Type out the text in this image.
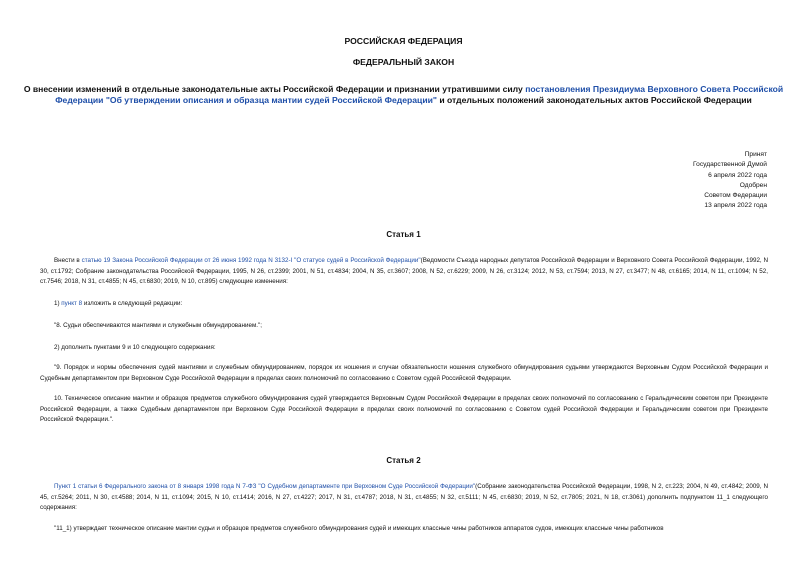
РОССИЙСКАЯ ФЕДЕРАЦИЯ
ФЕДЕРАЛЬНЫЙ ЗАКОН
О внесении изменений в отдельные законодательные акты Российской Федерации и признании утратившими силу постановления Президиума Верховного Совета Российской Федерации "Об утверждении описания и образца мантии судей Российской Федерации" и отдельных положений законодательных актов Российской Федерации
Принят
Государственной Думой
6 апреля 2022 года
Одобрен
Советом Федерации
13 апреля 2022 года
Статья 1
Внести в статью 19 Закона Российской Федерации от 26 июня 1992 года N 3132-I "О статусе судей в Российской Федерации"(Ведомости Съезда народных депутатов Российской Федерации и Верховного Совета Российской Федерации, 1992, N 30, ст.1792; Собрание законодательства Российской Федерации, 1995, N 26, ст.2399; 2001, N 51, ст.4834; 2004, N 35, ст.3607; 2008, N 52, ст.6229; 2009, N 26, ст.3124; 2012, N 53, ст.7594; 2013, N 27, ст.3477; N 48, ст.6165; 2014, N 11, ст.1094; N 52, ст.7546; 2018, N 31, ст.4855; N 45, ст.6830; 2019, N 10, ст.895) следующие изменения:
1) пункт 8 изложить в следующей редакции:
"8. Судьи обеспечиваются мантиями и служебным обмундированием.";
2) дополнить пунктами 9 и 10 следующего содержания:
"9. Порядок и нормы обеспечения судей мантиями и служебным обмундированием, порядок их ношения и случаи обязательности ношения служебного обмундирования судьями утверждаются Верховным Судом Российской Федерации и Судебным департаментом при Верховном Суде Российской Федерации в пределах своих полномочий по согласованию с Советом судей Российской Федерации.
10. Техническое описание мантии и образцов предметов служебного обмундирования судей утверждается Верховным Судом Российской Федерации в пределах своих полномочий по согласованию с Геральдическим советом при Президенте Российской Федерации, а также Судебным департаментом при Верховном Суде Российской Федерации в пределах своих полномочий по согласованию с Советом судей Российской Федерации и Геральдическим советом при Президенте Российской Федерации.".
Статья 2
Пункт 1 статьи 6 Федерального закона от 8 января 1998 года N 7-ФЗ "О Судебном департаменте при Верховном Суде Российской Федерации"(Собрание законодательства Российской Федерации, 1998, N 2, ст.223; 2004, N 49, ст.4842; 2009, N 45, ст.5264; 2011, N 30, ст.4588; 2014, N 11, ст.1094; 2015, N 10, ст.1414; 2016, N 27, ст.4227; 2017, N 31, ст.4787; 2018, N 31, ст.4855; N 32, ст.5111; N 45, ст.6830; 2019, N 52, ст.7805; 2021, N 18, ст.3061) дополнить подпунктом 11_1 следующего содержания:
"11_1) утверждает техническое описание мантии судьи и образцов предметов служебного обмундирования судей и имеющих классные чины работников аппаратов судов, имеющих классные чины работников
